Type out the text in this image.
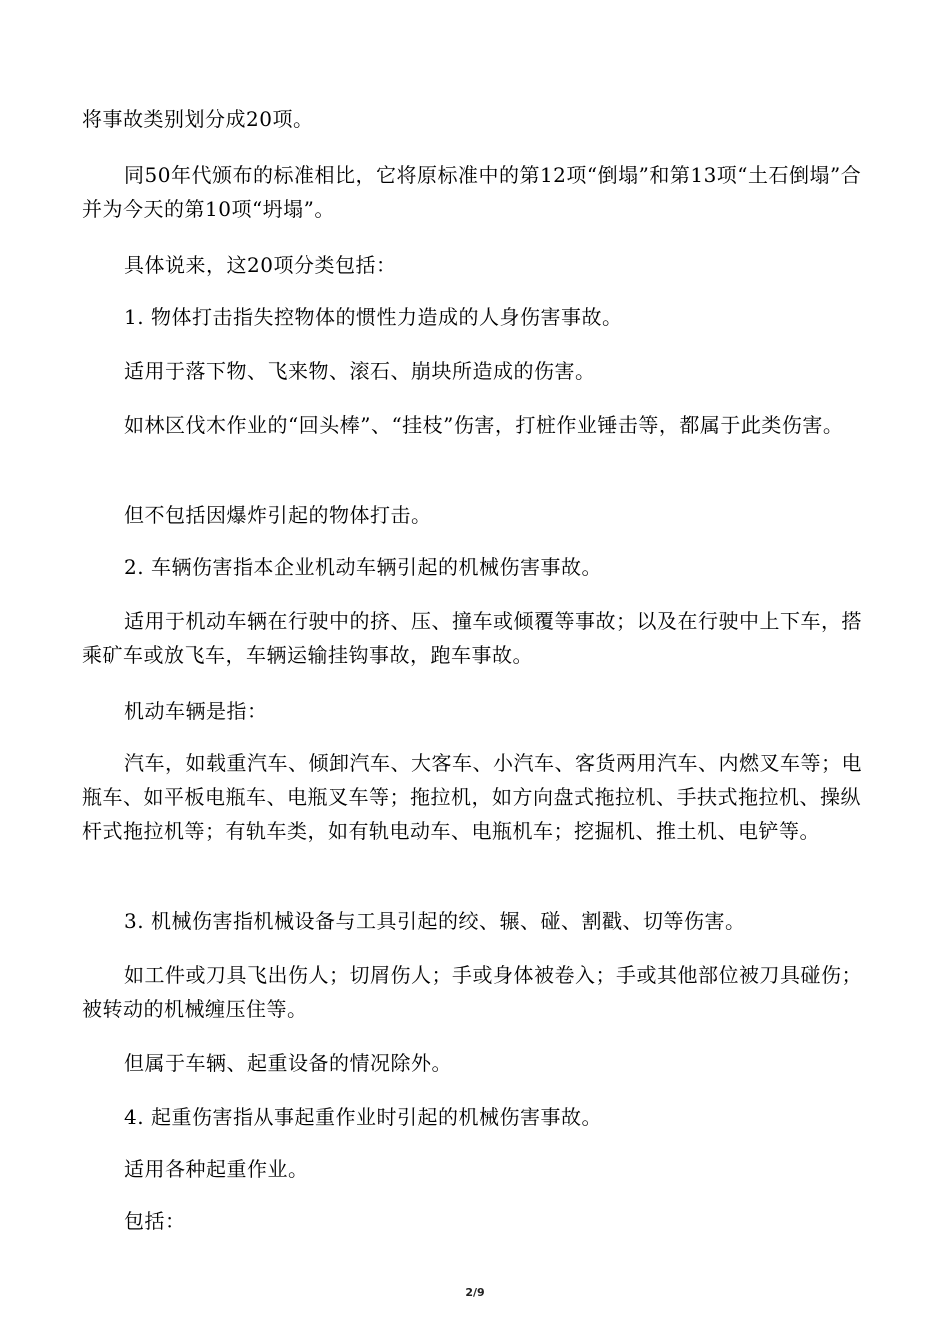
将事故类别划分成20项。

同50年代颁布的标准相比，它将原标准中的第12项“倒塌”和第13项“土石倒塌”合并为今天的第10项“坍塌”。

具体说来，这20项分类包括：

1. 物体打击指失控物体的惯性力造成的人身伤害事故。

适用于落下物、飞来物、滚石、崩块所造成的伤害。

如林区伐木作业的“回头棒”、“挂枝”伤害，打桩作业锤击等，都属于此类伤害。

但不包括因爆炸引起的物体打击。

2. 车辆伤害指本企业机动车辆引起的机械伤害事故。

适用于机动车辆在行驶中的挤、压、撞车或倾覆等事故；以及在行驶中上下车，搭乘矿车或放飞车，车辆运输挂钩事故，跑车事故。

机动车辆是指：

汽车，如载重汽车、倾卸汽车、大客车、小汽车、客货两用汽车、内燃叉车等；电瓶车、如平板电瓶车、电瓶叉车等；拖拉机，如方向盘式拖拉机、手扶式拖拉机、操纵杆式拖拉机等；有轨车类，如有轨电动车、电瓶机车；挖掘机、推土机、电铲等。

3. 机械伤害指机械设备与工具引起的绞、辗、碰、割戳、切等伤害。

如工件或刀具飞出伤人；切屑伤人；手或身体被卷入；手或其他部位被刀具碰伤；被转动的机械缠压住等。

但属于车辆、起重设备的情况除外。

4. 起重伤害指从事起重作业时引起的机械伤害事故。

适用各种起重作业。

包括：

2/9
